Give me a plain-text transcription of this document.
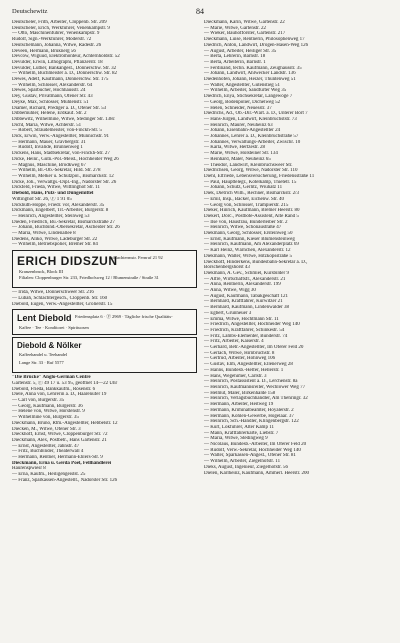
Deutschewitz	84
Deutscheler, Frith, Arbeiter, Cloppenb. Str. 209
Deutscheler, Erich, Werkführer, Venenkampstr. 9
— Otto, Maschinenführer, Venenkampstr. 9
Rudolf, Sign.-Werkführer, Moderstr. 72
Deutschemann, Johanna, Witwe, Radestr. 26
Deveen, Hermann, Bruknerg 56
Devcow, Wiguud, Elektromonteur, Achternholdstr. 52
Devulder, Erwin, Lithographi, Pflanzerstr. 18
Devulder, Luther, Bankangest., Donnerschw. Str. 32
— Wilhelm, Buchmeister a. D., Donnerschw. Str. 82
Dewes, Adelf, Kaufmann, Donnerschw. Str. 175
— Wilhelm, Schlosser, Alexanderstr. 64
Dewes, Sparbücher, Hochhausstr. 24
Dey, Gustav, Privatmann, Ofener Str. 43
Deyke, Max, Schlosser, Mühlenstr. 51
Diamer, Richard, Prediger a. D., Ofener Str. 53
Dibbemühler, Helene, Erdkäuf. Str. 2
Dibbewitz, Wilhelmine, Witwe, Stedinger Str. 138c
Dicht, Maria, Witwe, Achterstr. 51
— Robert, Straudemeister, von-Finckh-Str. 5
Dick, Erwin, Verw.-Angestellter, Münnichstr. 91
— Hermann, Mauer, Gravbergstr. 31
— Rudolf, Invalide, Brunnenweg 1
Dickens, Hans, Stadtsekretär, von-Finckh-Str. 27
Dicke, Heinr., Gutn.-Pol.-Meist., Hochheider Weg 26
— Magnus, Maschine, Brodkweg 67
— Wilhelm, Bl.-Ob.-Sekretär, Hild. Str. 278
— Wilhelm, Melker u. Schutzpol., Bismarckstr. 12
Dicke, Joh., Verwaltgs.-Dipl.-Ing., Nadorster Str. 26
Dickfeld, Frieda, Witwe, Wittlinghof Str. 11
Diebold, Hans, Putz- und Düngemittel
Wittinghof Str. 26, Ⓕ 1 91 05
Dickhuth-Hoppe, Friedr. vor, Alexanderstr. 35
Dickmann, Engelbert, Tit.-Arbeiter, Bürgerstr. 8
— Heinrich, Angestellter, Steinweg 53
Dieden, Friedrich, Bü.-Sekretär, Bismarckstraße 27
— Johann, Buchbind.-Obersekretär, Ascheider Str. 26
— Maria, Witwe, Lindenallee 8
Diedens, Aliko, Witwe, Ladeburger Str. 22
— Wilhelm, Betriebspolier, Bremer Str. 84
ERICH DIDSZUN
Schlachtermstr. Fernruf 21 92
Kranzenbruck, Block III
Filialen: Cloppenburger Str. 233, Friedhofsweg 12 / Blumenstraße / Straße 31
— Irida, Witwe, Donnerschweer Str. 216
— Lubah, Schlachtergesch., Cloppenb. Str. 160
Diebold, Eugen, Verw.-Angestellter, Grolierstr. 15
Lent Diebold Friedensplatz 6 · Ⓕ 2969 · Tägliche frische Qualitäts-
Kaffee · Tee · Konditorei · Spirituosen
Diebold & Nölker
Kaffeehandel u. Teehandel
Lange Str. 33 · Ruf 5577
"Die Brücke" Anglo-German Centre
Gartenstr. 5, Ⓕ 49 17 u. 53 95, geöffnet 14—22 Uhr
Diebold, Frieda, Bankkaufm., Rosenstr. 6
Diele, Anna von, Lehrerin a. D., Haarenufer 19
— Carl von, Bürgerstr. 35
— Georg, Kaufmann, Bürgerstr. 36
— Helene von, Witwe, Hörstenstr. 9
— Wilhelmine von, Bürgerstr. 35
Dieckmann, Bruno, Rtm.-Angestellter, Hebbelstr. 12
Diecken, M., Witwe, Ofener Str. 3
Dieckhoff, Ernst, Witwe, Cloppenburger Str. 72
Dieckmann, Alex, Postbetr., Hans Gartenstr. 21
— Ernst, Angestellter, Jahnstr. 47
— Fritz, Buchbinder, Theaterwall 4
— Hermann, Rentner, Hermann-Ehlers-Str. 9
Dieckmann, Erna u. Gerda Poel, Fellhändlerei
Haurenspwiesr 8
— Erna, Kaufm., Heiligengeistst. 25
— Franz, Sparkassen-Angestellt., Nadorster Str. 126
Dieckmann, Karin, Witwe, Gartenstr. 22
— Marie, Witwe, Gartenstr. 22
— Wieker, Bauhofförster, Gartenstr. 217
Dieckmann, Luise, Rentnerin, Philosophenweg 17
Diedrich, Anton, Landwirt, Drögen-Hasen-Weg 126
— August, Arbeiter, Heiliger Str. 35
— Berta, Lehrerin, Bärnstr. 18
— Berta, Arbeiterin, Bärnstr. 1
— Ferdinand, techn. Kaufmann, Zeughausstr. 35
— Johann, Landwirt, Ahlwecker Landstr. 136
Diedenhofen, Johann, Heizer, Thuntenweg 51
— Walter, Angestellter, Gutenstieg 51
— Wilhelm, Arbeiter, Sandfurter Weg 35
Diedrich, Enya, Stichsekretär, Langewoge 7
— Georg, Bodenpolier, Dichelweg 52
— Helen, Schneider, Neuesstr. 37
Diedrichs, Ad., Ob.-Dir.-Wärt. a. D., Unterer Bort 7
— Hans-Jürgen, Landwirt, Kleinbruchststr. 73
— Heinrich, Maurer, Neuheinz 63
— Johann, Eisenbahn-Angestellter 24
— Johannes, Lehrer a. D., Kleinbruchstraße 57
— Johannes, Verwaltungs-Arbeiter, Zwischr. 10
— Karla, Witwe, Hertzestr. 28
— Marie, Witwe, Holsteiner Str. 134
— Reinhard, Maler, Neuheinz 65
— Theodor, Landwirt, Kleinbruchsweer Str.
Diedrichsen, Georg, Witwe, Nadorster Str. 110
Diehl, Elfriede, Lebensversicherung, Friedensstraße 11
— Paul, Haupttelegr., Kötelkamp, Thietetr. 15
— Johann, Schutz, Gerlitz, Wiuhatz 11
Diek, Dietrich Wilh., Rechner, Bismarckstr. 2/3
— Emil, Insp., Bäcker, Eichenw. Str. 40
— Georg von, Schlosser, Trampierstr. 215
Dieker, Hinrich, Kaufmann, Bremer Heerstr. 80
Diekert, Dorc., Postbote-Assistent, Alte Rand 5
— Ilse von, Hausfrau, Bunderleiber Str. 2
— Heinrich, Witwe, Schönaustraße 47
Diekmann, Georg, Schlosser, Ersteinweg 50
— Ernst, Kaufmann, Kieser Blumensteinweg
— Heinrich, Kaufmann, Am Alexanderplatz 69
— Karl Heinz, Wärnchen, Alexanderstr. 12
Diekmann, Walter, Witwe, Hitzkopsstraße 5
Dieckhoff, Hinderkens, Bundesbahn-Sekretär a. D.,
Borschenbergshorst 43
Diekmann, A. Gev., Schmiel, Kursbilder 9
— Alfre, Wirtschaftsfr., Alexanderstr. 21
— Anna, Rentnerin, Alexanderstr. 199
— Anna, Witwe, Wigg 30
— August, Kaufmann, Tabakgeschäft 121
— Bernhard, Kraftfahrer, Kürwitzer 21
— Bernhard, Kaufmann, Lindenwalder 38
— Egbert, Grünheuer 3
— Emma, Witwe, Höchtmann Str. 11
— Friedrich, Angestellter, Hochheider Weg 140
— Friedrich, Kraftfahrer, Schinkestr. 54
— Fritz, Lambs-Elementer, Bunderstr. 74
— Fritz, Arbeiter, Kaiserstr. 4
— Gerhard, Betr.-Angestellter, Im Oferer Feld 20
— Gerlach, Witwe, Hirnbruchstr. 8
— Gertrud, Arbeiter, Hohnweg 106
— Gustav, Elm, Angestellter, Ellenerweg 28
— Hanns, Bundesb.-Helfer, Hellerstr. 1
— Hans, Wegehimer, Carlstr. 3
— Heinrich, Postassistent a. D., Lerchenstr. 8a
— Heinrich, Kaufmannsreiter, Wechlower Weg 77
— Helmut, Maler, Birkenhalde 158
— Heinrich, Verlagsbuchhändler, Am Thehringr. 32
— Hermann, Arbeiter, Heitweg 19
— Hermann, Kriminalbeamter, Hoyalerstr. 2
— Hermann, Kohlen-Gewerbe, Hogelaar. 37
— Heinrich, Sch.-Händler, Klingenbergstr. 122
— Kurt, Lokführer, Alter Kamp 11
— Mann, Kraftfahrerkarte, Liebstr. 7
— Maria, Witwe, Stedingweg 9
— Nicolaus, Bundesb.-Arbeiter, Im Oferer Feld 20
— Rudolf, Verw.-Sekretär, Hochheider Weg 140
— Walter, Sparkassen-Angest., Ofener Str. 81
— Wilhelm, Arbeiter, Ziegelhofstr. 11
Dieks, August, Ingenieur, Ziegelhofstr. 56
Dielen, Karlheinz, Kaufmann, Ammerl. Heerstr. 200
